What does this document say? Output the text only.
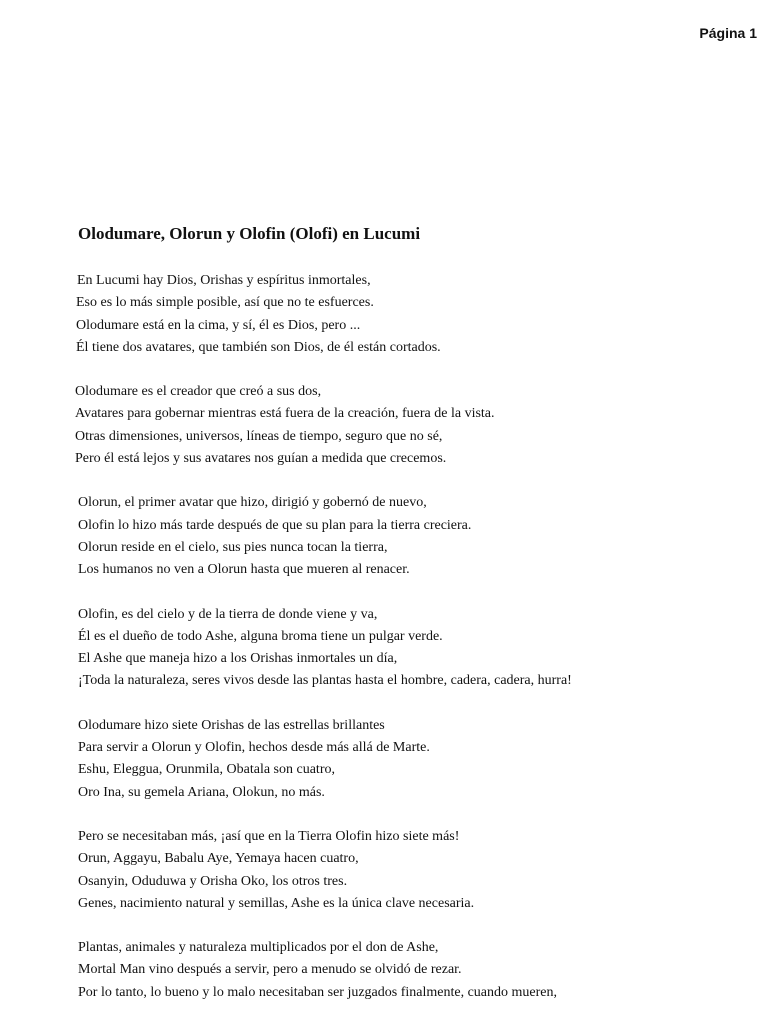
Página 1
Olodumare, Olorun y Olofin (Olofi) en Lucumi
En Lucumi hay Dios, Orishas y espíritus inmortales,
Eso es lo más simple posible, así que no te esfuerces.
Olodumare está en la cima, y sí, él es Dios, pero ...
Él tiene dos avatares, que también son Dios, de él están cortados.
Olodumare es el creador que creó a sus dos,
Avatares para gobernar mientras está fuera de la creación, fuera de la vista.
Otras dimensiones, universos, líneas de tiempo, seguro que no sé,
Pero él está lejos y sus avatares nos guían a medida que crecemos.
Olorun, el primer avatar que hizo, dirigió y gobernó de nuevo,
Olofin lo hizo más tarde después de que su plan para la tierra creciera.
Olorun reside en el cielo, sus pies nunca tocan la tierra,
Los humanos no ven a Olorun hasta que mueren al renacer.
Olofin, es del cielo y de la tierra de donde viene y va,
Él es el dueño de todo Ashe, alguna broma tiene un pulgar verde.
El Ashe que maneja hizo a los Orishas inmortales un día,
¡Toda la naturaleza, seres vivos desde las plantas hasta el hombre, cadera, cadera, hurra!
Olodumare hizo siete Orishas de las estrellas brillantes
Para servir a Olorun y Olofin, hechos desde más allá de Marte.
Eshu, Eleggua, Orunmila, Obatala son cuatro,
Oro Ina, su gemela Ariana, Olokun, no más.
Pero se necesitaban más, ¡así que en la Tierra Olofin hizo siete más!
Orun, Aggayu, Babalu Aye, Yemaya hacen cuatro,
Osanyin, Oduduwa y Orisha Oko, los otros tres.
Genes, nacimiento natural y semillas, Ashe es la única clave necesaria.
Plantas, animales y naturaleza multiplicados por el don de Ashe,
Mortal Man vino después a servir, pero a menudo se olvidó de rezar.
Por lo tanto, lo bueno y lo malo necesitaban ser juzgados finalmente, cuando mueren,
